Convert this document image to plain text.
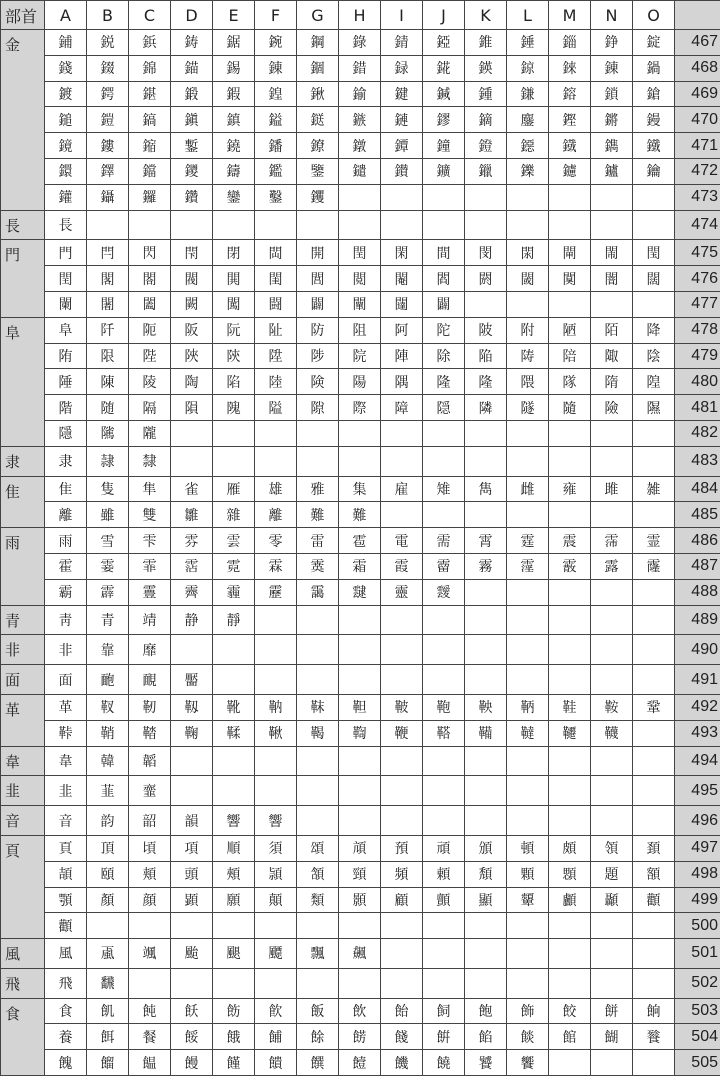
部首	A	B	C	D	E	F	G	H	I	J	K	L	M	N	O	
金	鋪	鋭	鋲	鋳	鋸	鋺	鋼	錄	錆	錏	錐	錘	錙	錚	錠	467
	錢	錣	錦	錨	錫	錬	錮	錯	録	錵	鍈	鍄	錸	錬	鍋	468
	鍍	鍔	鍖	鍛	鍜	鍠	鍬	鍮	鍵	鍼	鍾	鎌	鎔	鎖	鎗	469
	鎚	鎧	鎬	鎭	鎮	鎰	鎹	鏃	鏈	鏐	鏑	鏖	鏗	鏘	鏝	470
	鏡	鏤	鏥	鏨	鐃	鐇	鐐	鐓	鐔	鐘	鐙	鐚	鐡	鐫	鐵	471
	鐶	鐸	鐺	鑁	鑄	鑑	鑒	鑓	鑚	鑛	鑞	鑠	鑢	鑪	鑰	472
	鑵	鑷	鑼	鑽	鑾	鑿	钁									473
長	長															474
門	門	閂	閃	閇	閉	閊	開	閏	閑	間	閔	閖	閘	閙	閠	475
	閏	閣	閤	閥	閧	閨	閭	閲	閹	閻	閼	閾	闃	闇	闊	476
	闌	闍	闔	闕	闖	闘	闢	闡	闥	闢						477
阜	阜	阡	阨	阪	阮	阯	防	阻	阿	陀	陂	附	陋	陌	降	478
	陏	限	陛	陜	陝	陞	陟	院	陣	除	陥	陦	陪	陬	陰	479
	陲	陳	陵	陶	陷	陸	険	陽	隅	隆	隆	隈	隊	隋	隍	480
	階	随	隔	隕	隗	隘	隙	際	障	隠	隣	隧	隨	險	隰	481
	隱	隲	隴													482
隶	隶	隷	隸													483
隹	隹	隻	隼	雀	雁	雄	雅	集	雇	雉	雋	雌	雍	雎	雑	484
	離	雖	雙	雛	雜	離	難	難								485
雨	雨	雪	雫	雰	雲	零	雷	雹	電	需	霄	霆	震	霈	霊	486
	霍	霎	霏	霑	霓	霖	霙	霜	霞	霤	霧	霪	霰	露	霳	487
	霸	霹	霻	霽	霾	靂	靄	靆	靈	靉						488
青	靑	青	靖	静	靜											489
非	非	靠	靡													490
面	面	靤	靦	靨												491
革	革	靫	靭	靱	靴	靹	靺	靼	鞁	鞄	鞅	鞆	鞋	鞍	鞏	492
	鞐	鞘	鞜	鞠	鞣	鞦	鞨	鞫	鞭	鞳	鞴	韃	韆	韈		493
韋	韋	韓	韜													494
韭	韭	韮	韲													495
音	音	韵	韶	韻	響	響										496
頁	頁	頂	頃	項	順	須	頌	頏	預	頑	頒	頓	頗	領	頚	497
	頡	頤	頬	頭	頰	頴	頷	頸	頻	頼	頽	顆	顋	題	額	498
	顎	顏	顔	顕	願	顛	類	顥	顧	顫	顯	顰	顱	顳	顴	499
	顴															500
風	風	颪	颯	颱	颶	飃	飄	飆								501
飛	飛	飜														502
食	食	飢	飩	飫	飭	飮	飯	飲	飴	飼	飽	飾	餃	餅	餉	503
	養	餌	餐	餒	餓	餔	餘	餝	餞	餠	餡	餤	館	餬	餮	504
	餽	餾	饂	饅	饉	饋	饌	饐	饑	饒	饕	饗				505
